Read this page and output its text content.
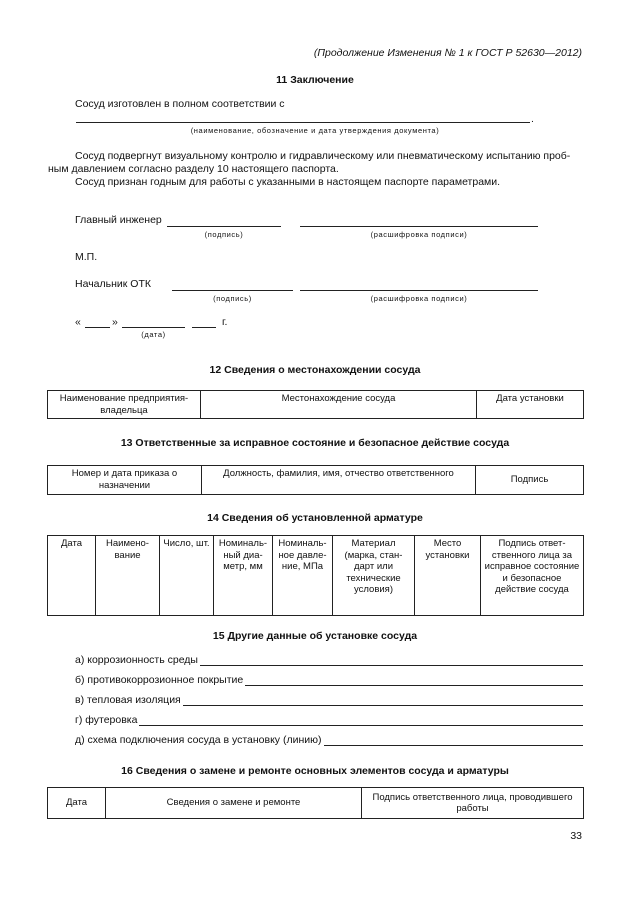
(Продолжение Изменения № 1 к ГОСТ Р 52630—2012)
11 Заключение
Сосуд изготовлен в полном соответствии с
.
(наименование, обозначение и дата утверждения документа)
Сосуд подвергнут визуальному контролю и гидравлическому или пневматическому испытанию проб-ным давлением согласно разделу 10 настоящего паспорта.
Сосуд признан годным для работы с указанными в настоящем паспорте параметрами.
Главный инженер
(подпись)	(расшифровка подписи)
М.П.
Начальник ОТК
(подпись)	(расшифровка подписи)
«	»	г.
(дата)
12 Сведения о местонахождении сосуда
Наименование предприятия-владельца	Местонахождение сосуда	Дата установки
13 Ответственные за исправное состояние и безопасное действие сосуда
Номер и дата приказа о назначении	Должность, фамилия, имя, отчество ответственного	Подпись
14 Сведения об установленной арматуре
Дата	Наимено-вание	Число, шт.	Номиналь-ный диа-метр, мм	Номиналь-ное давле-ние, МПа	Материал (марка, стан-дарт или технические условия)	Место установки	Подпись ответ-ственного лица за исправное состояние и безопасное действие сосуда
15 Другие данные об установке сосуда
а) коррозионность среды
б) противокоррозионное покрытие
в) тепловая изоляция
г) футеровка
д) схема подключения сосуда в установку (линию)
16 Сведения о замене и ремонте основных элементов сосуда и арматуры
Дата	Сведения о замене и ремонте	Подпись ответственного лица, проводившего работы
33
